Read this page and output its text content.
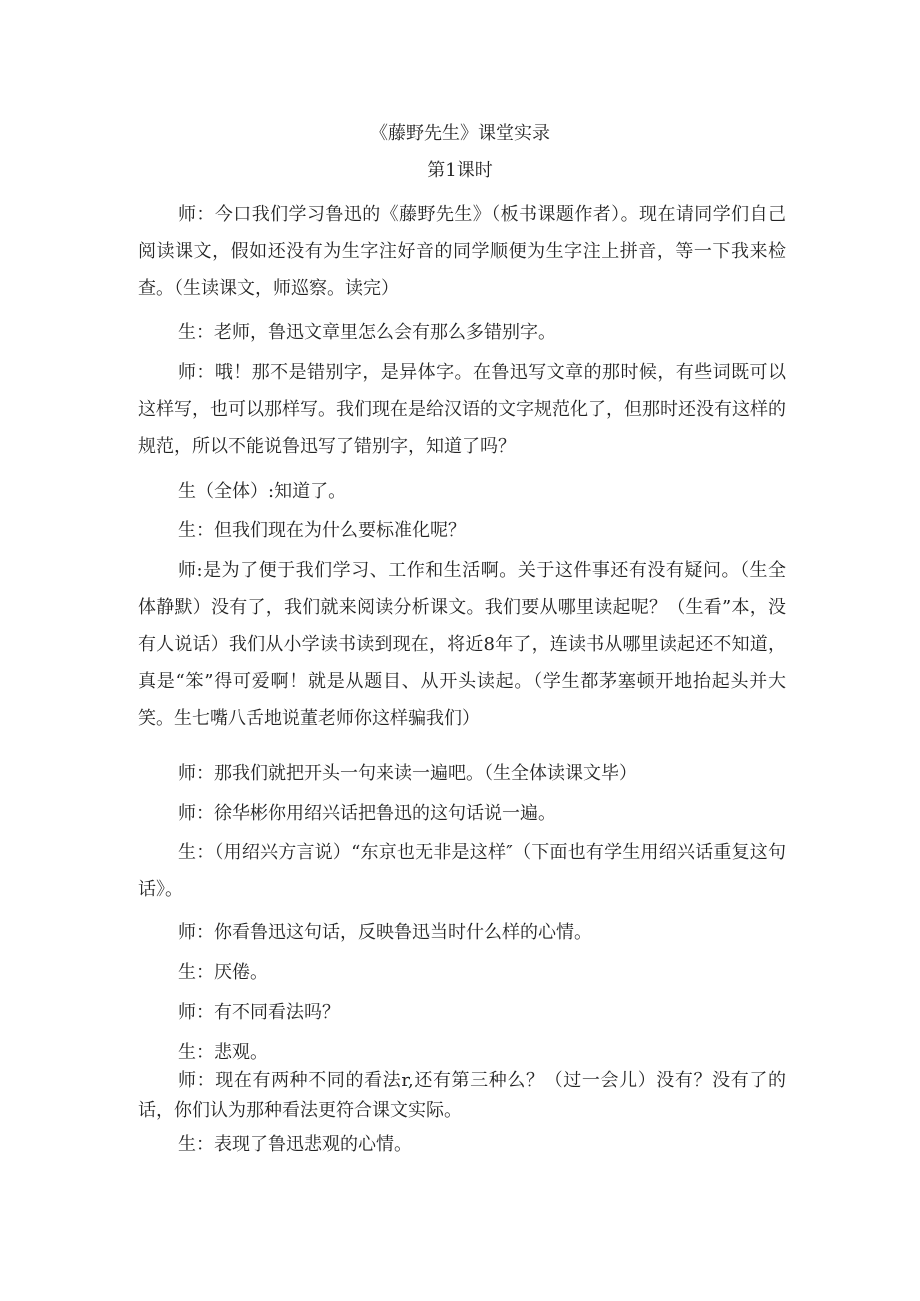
《藤野先生》课堂实录
第1课时

师：今口我们学习鲁迅的《藤野先生》（板书课题作者）。现在请同学们自己阅读课文，假如还没有为生字注好音的同学顺便为生字注上拼音，等一下我来检查。（生读课文，师巡察。读完）

生：老师，鲁迅文章里怎么会有那么多错别字。

师：哦！那不是错别字，是异体字。在鲁迅写文章的那时候，有些词既可以这样写，也可以那样写。我们现在是给汉语的文字规范化了，但那时还没有这样的规范，所以不能说鲁迅写了错别字，知道了吗？

生（全体）:知道了。

生：但我们现在为什么要标准化呢？

师:是为了便于我们学习、工作和生活啊。关于这件事还有没有疑问。（生全体静默）没有了，我们就来阅读分析课文。我们要从哪里读起呢？（生看”本，没有人说话）我们从小学读书读到现在，将近8年了，连读书从哪里读起还不知道，真是“笨”得可爱啊！就是从题目、从开头读起。（学生都茅塞顿开地抬起头并大笑。生七嘴八舌地说董老师你这样骗我们）

师：那我们就把开头一句来读一遍吧。（生全体读课文毕）

师：徐华彬你用绍兴话把鲁迅的这句话说一遍。

生：（用绍兴方言说）“东京也无非是这样″（下面也有学生用绍兴话重复这句话》。

师：你看鲁迅这句话，反映鲁迅当时什么样的心情。

生：厌倦。

师：有不同看法吗？

生：悲观。

师：现在有两种不同的看法r,还有第三种么？（过一会儿）没有？没有了的话，你们认为那种看法更符合课文实际。

生：表现了鲁迅悲观的心情。
